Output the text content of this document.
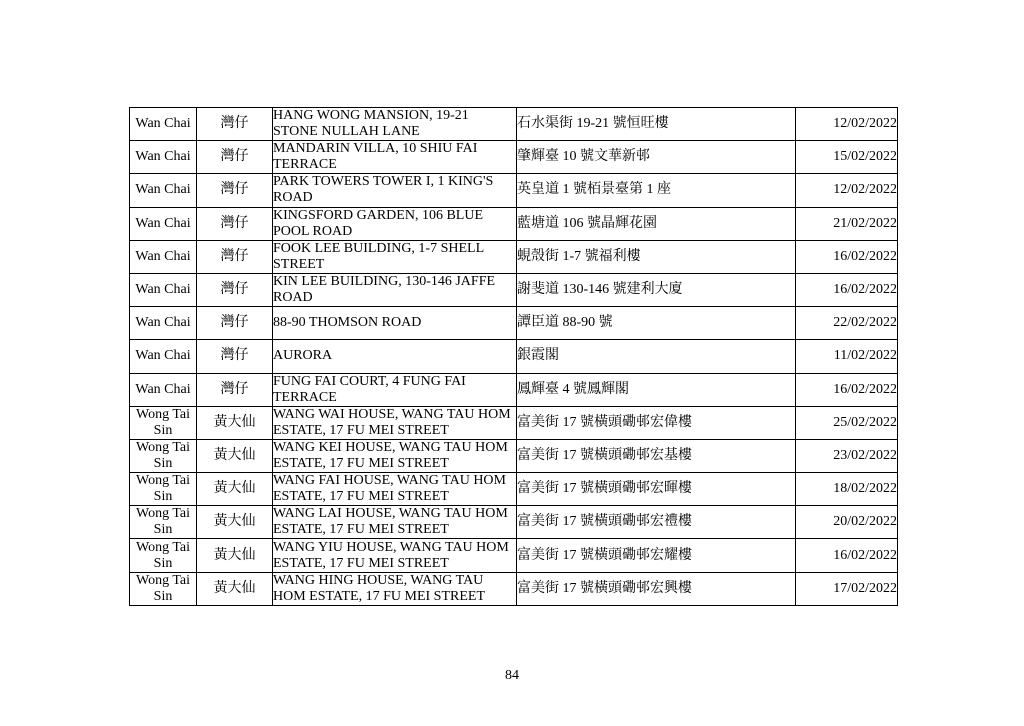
Wan Chai	灣仔	HANG WONG MANSION, 19-21 STONE NULLAH LANE	石水渠街 19-21 號恒旺樓	12/02/2022
Wan Chai	灣仔	MANDARIN VILLA, 10 SHIU FAI TERRACE	肇輝臺 10 號文華新邨	15/02/2022
Wan Chai	灣仔	PARK TOWERS TOWER I, 1 KING'S ROAD	英皇道 1 號栢景臺第 1 座	12/02/2022
Wan Chai	灣仔	KINGSFORD GARDEN, 106 BLUE POOL ROAD	藍塘道 106 號晶輝花園	21/02/2022
Wan Chai	灣仔	FOOK LEE BUILDING, 1-7 SHELL STREET	蜆殼街 1-7 號福利樓	16/02/2022
Wan Chai	灣仔	KIN LEE BUILDING, 130-146 JAFFE ROAD	謝斐道 130-146 號建利大廈	16/02/2022
Wan Chai	灣仔	88-90 THOMSON ROAD	譚臣道 88-90 號	22/02/2022
Wan Chai	灣仔	AURORA	銀霞閣	11/02/2022
Wan Chai	灣仔	FUNG FAI COURT, 4 FUNG FAI TERRACE	鳳輝臺 4 號鳳輝閣	16/02/2022
Wong Tai Sin	黃大仙	WANG WAI HOUSE, WANG TAU HOM ESTATE, 17 FU MEI STREET	富美街 17 號橫頭磡邨宏偉樓	25/02/2022
Wong Tai Sin	黃大仙	WANG KEI HOUSE, WANG TAU HOM ESTATE, 17 FU MEI STREET	富美街 17 號橫頭磡邨宏基樓	23/02/2022
Wong Tai Sin	黃大仙	WANG FAI HOUSE, WANG TAU HOM ESTATE, 17 FU MEI STREET	富美街 17 號橫頭磡邨宏暉樓	18/02/2022
Wong Tai Sin	黃大仙	WANG LAI HOUSE, WANG TAU HOM ESTATE, 17 FU MEI STREET	富美街 17 號橫頭磡邨宏禮樓	20/02/2022
Wong Tai Sin	黃大仙	WANG YIU HOUSE, WANG TAU HOM ESTATE, 17 FU MEI STREET	富美街 17 號橫頭磡邨宏耀樓	16/02/2022
Wong Tai Sin	黃大仙	WANG HING HOUSE, WANG TAU HOM ESTATE, 17 FU MEI STREET	富美街 17 號橫頭磡邨宏興樓	17/02/2022
84
